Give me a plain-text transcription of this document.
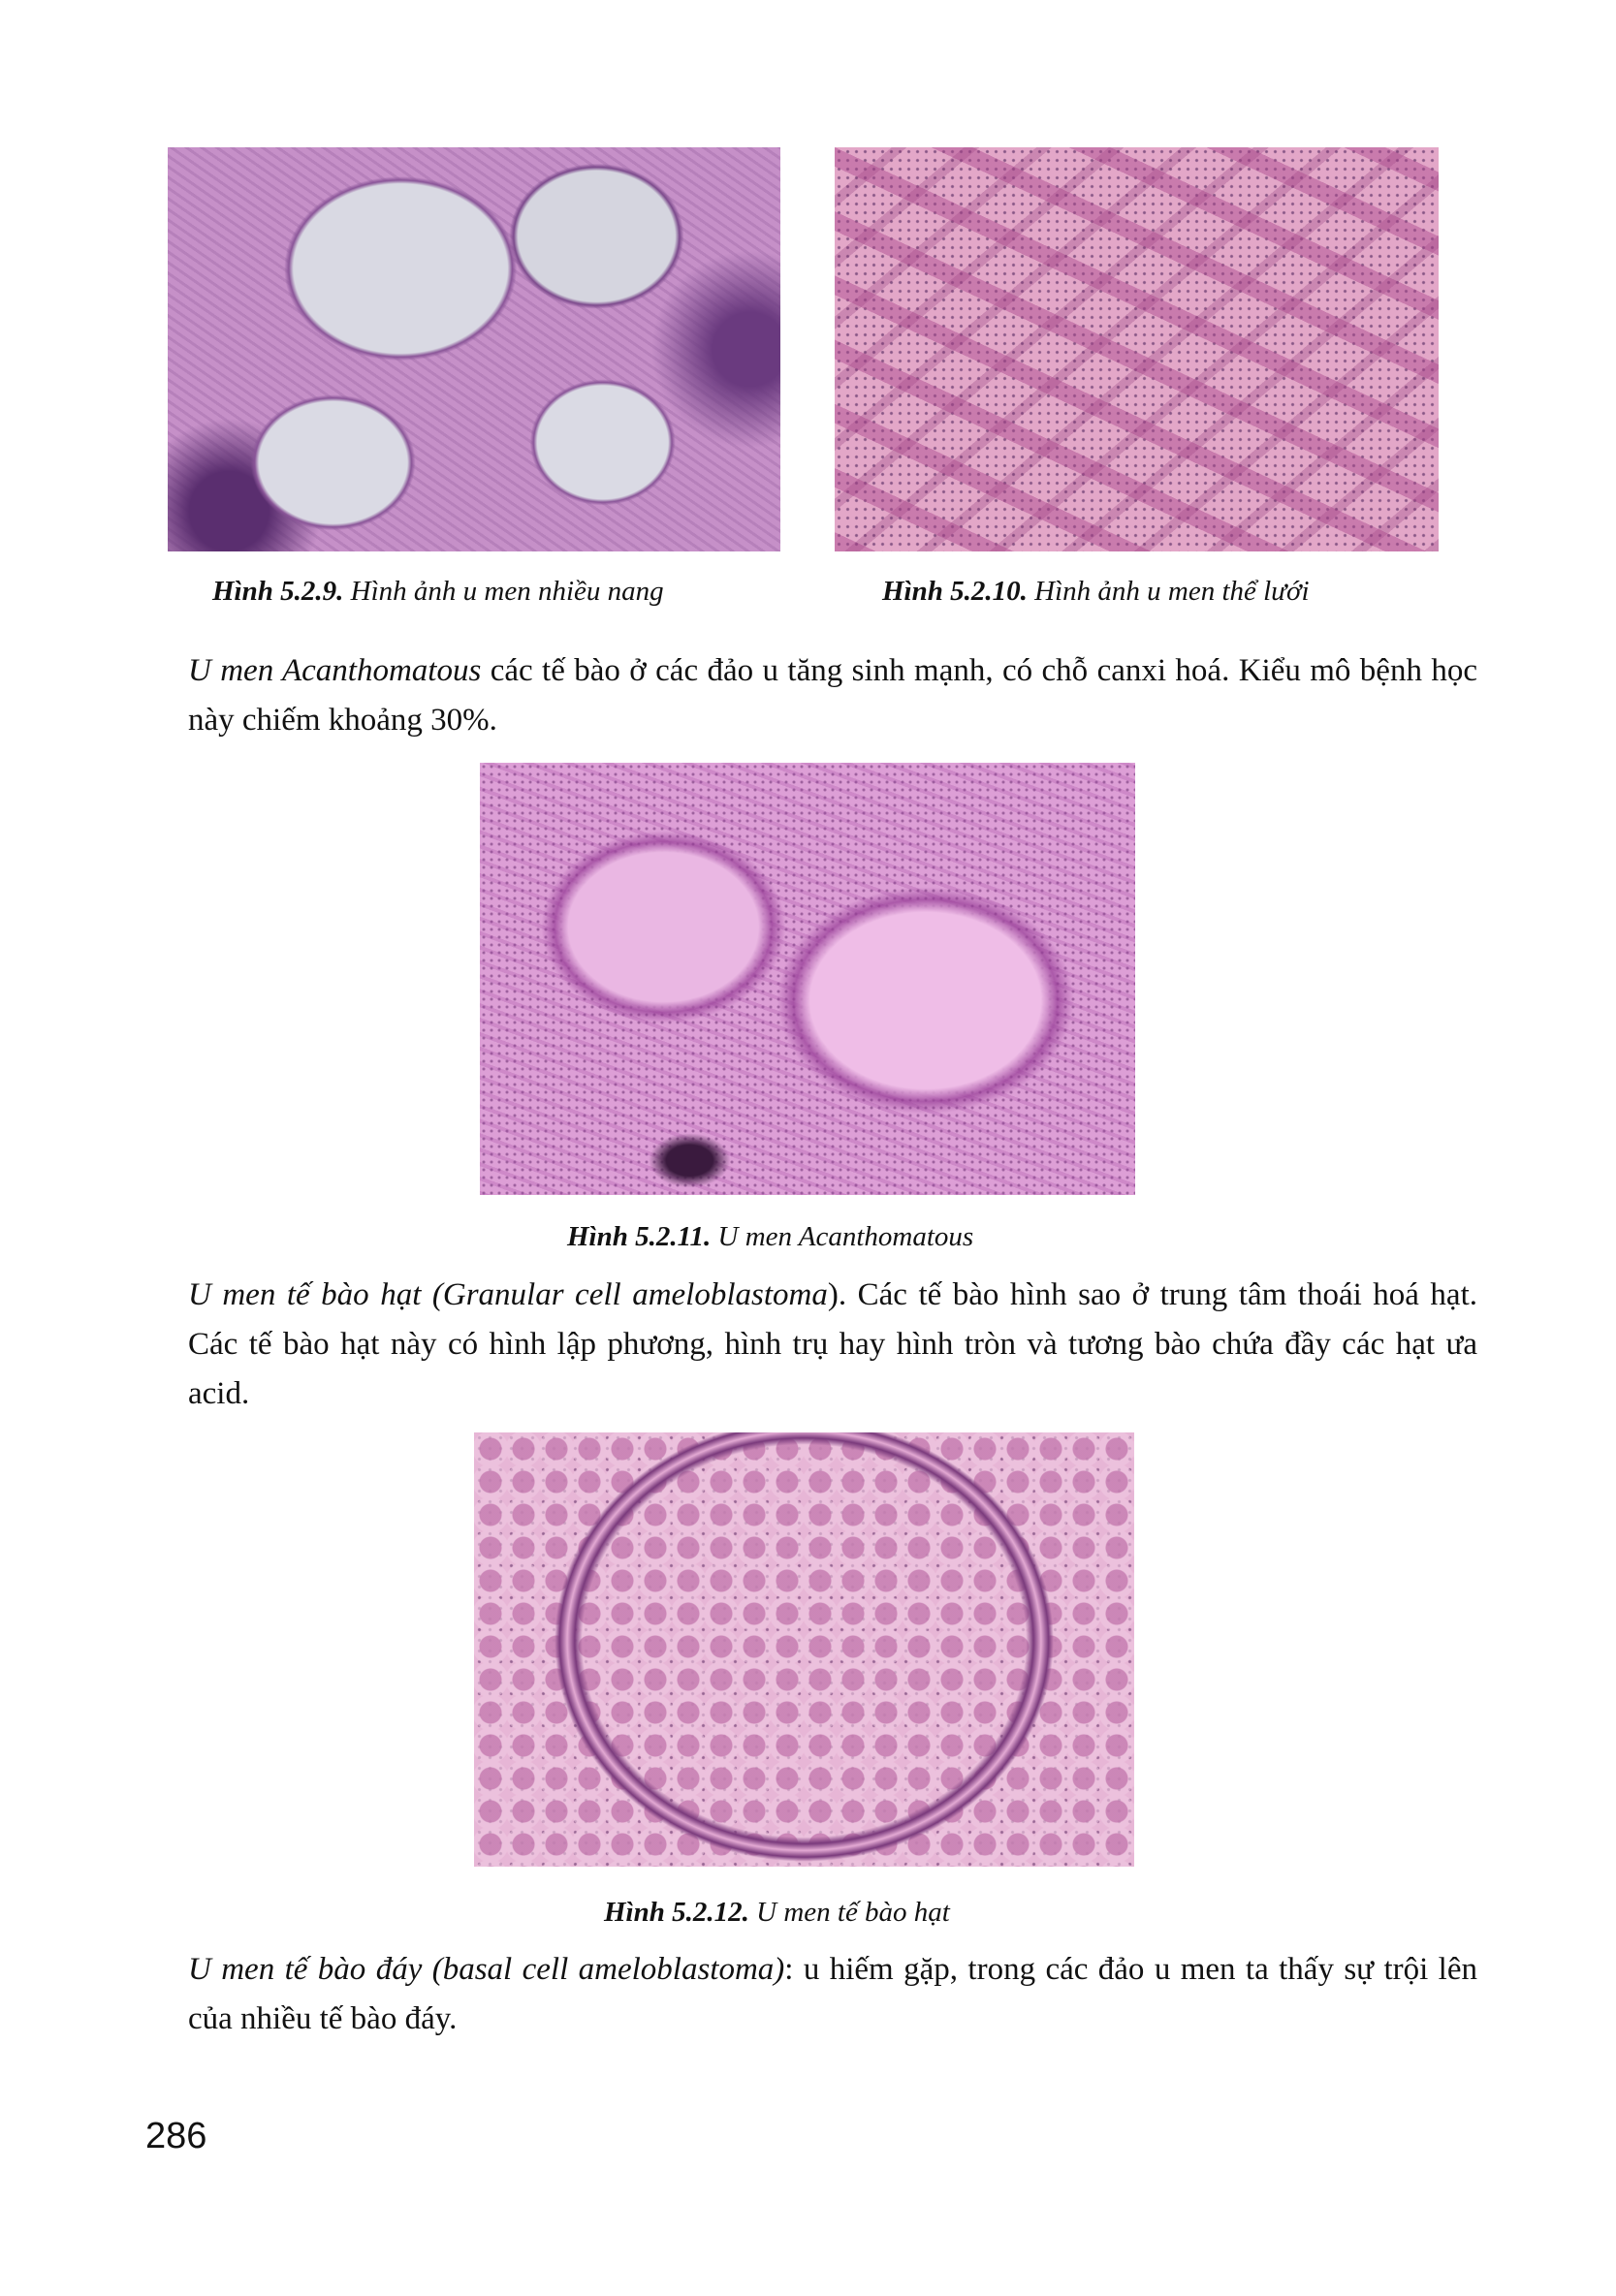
Hình 5.2.9. Hình ảnh u men nhiều nang	Hình 5.2.10. Hình ảnh u men thể lưới
U men Acanthomatous các tế bào ở các đảo u tăng sinh mạnh, có chỗ canxi hoá. Kiểu mô bệnh học này chiếm khoảng 30%.
Hình 5.2.11. U men Acanthomatous
U men tế bào hạt (Granular cell ameloblastoma). Các tế bào hình sao ở trung tâm thoái hoá hạt. Các tế bào hạt này có hình lập phương, hình trụ hay hình tròn và tương bào chứa đầy các hạt ưa acid.
Hình 5.2.12. U men tế bào hạt
U men tế bào đáy (basal cell ameloblastoma): u hiếm gặp, trong các đảo u men ta thấy sự trội lên của nhiều tế bào đáy.
286
